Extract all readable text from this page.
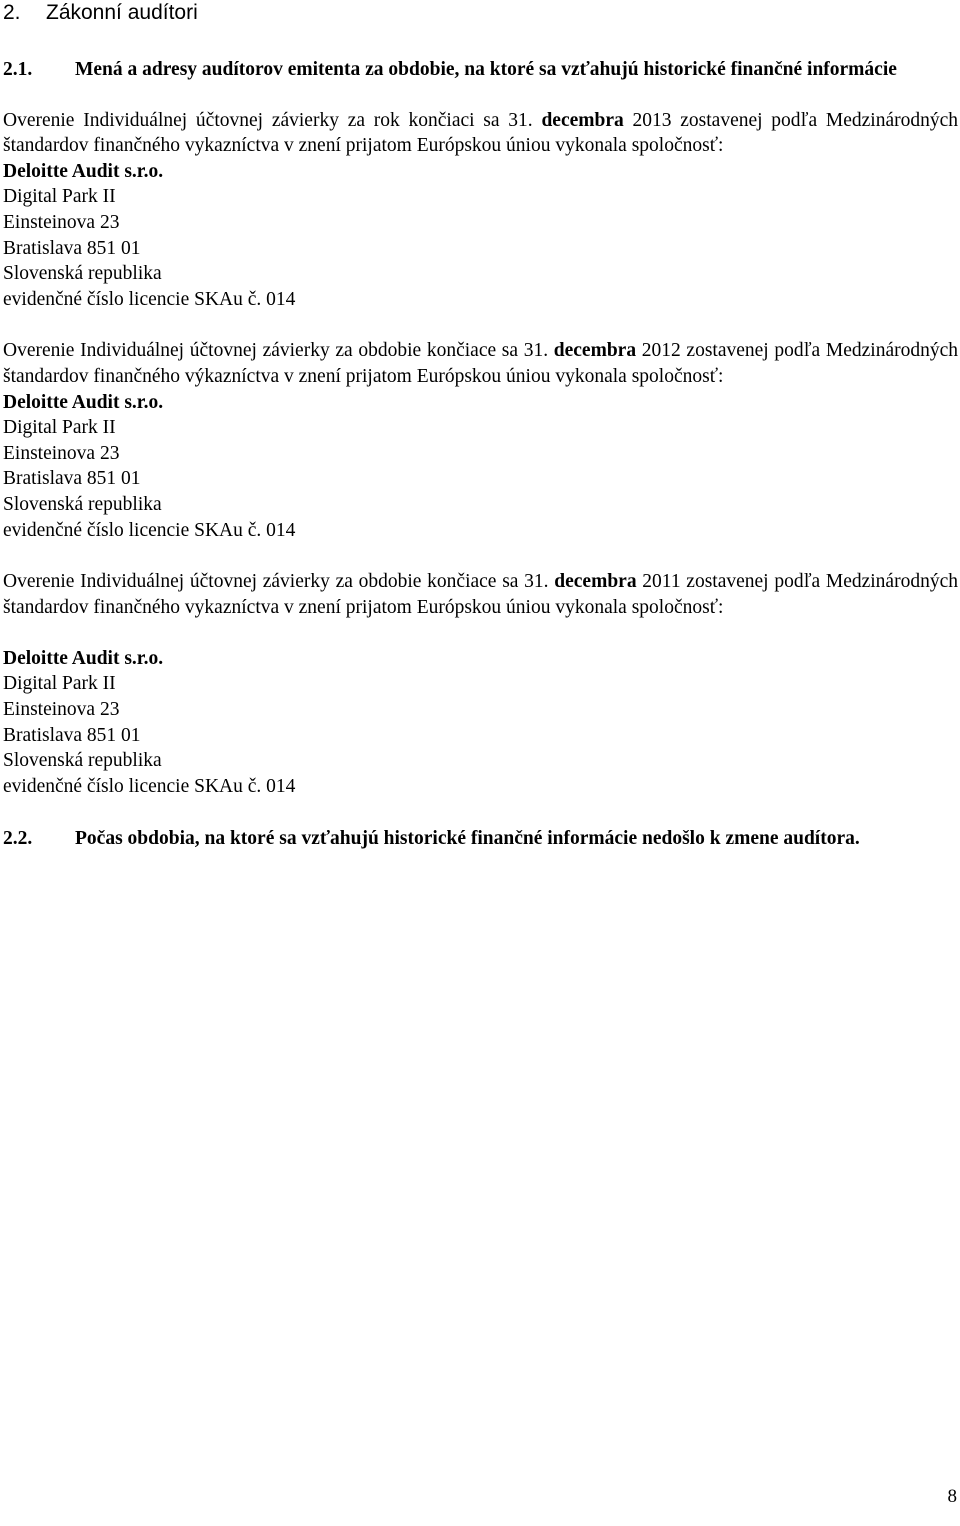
2.	Zákonní audítori
2.1.	Mená a adresy audítorov emitenta za obdobie, na ktoré sa vzťahujú historické finančné informácie

Overenie Individuálnej účtovnej závierky za rok končiaci sa 31. decembra 2013 zostavenej podľa Medzinárodných štandardov finančného vykazníctva v znení prijatom Európskou úniou vykonala spoločnosť:

Deloitte Audit s.r.o.
Digital Park II
Einsteinova 23
Bratislava 851 01
Slovenská republika
evidenčné číslo licencie SKAu č. 014

Overenie Individuálnej účtovnej závierky za obdobie končiace sa 31. decembra 2012 zostavenej podľa Medzinárodných štandardov finančného výkazníctva v znení prijatom Európskou úniou vykonala spoločnosť:

Deloitte Audit s.r.o.
Digital Park II
Einsteinova 23
Bratislava 851 01
Slovenská republika
evidenčné číslo licencie SKAu č. 014

Overenie Individuálnej účtovnej závierky za obdobie končiace sa 31. decembra 2011 zostavenej podľa Medzinárodných štandardov finančného vykazníctva v znení prijatom Európskou úniou vykonala spoločnosť:

Deloitte Audit s.r.o.
Digital Park II
Einsteinova 23
Bratislava 851 01
Slovenská republika
evidenčné číslo licencie SKAu č. 014
2.2.	Počas obdobia, na ktoré sa vzťahujú historické finančné informácie nedošlo k zmene audítora.
8
